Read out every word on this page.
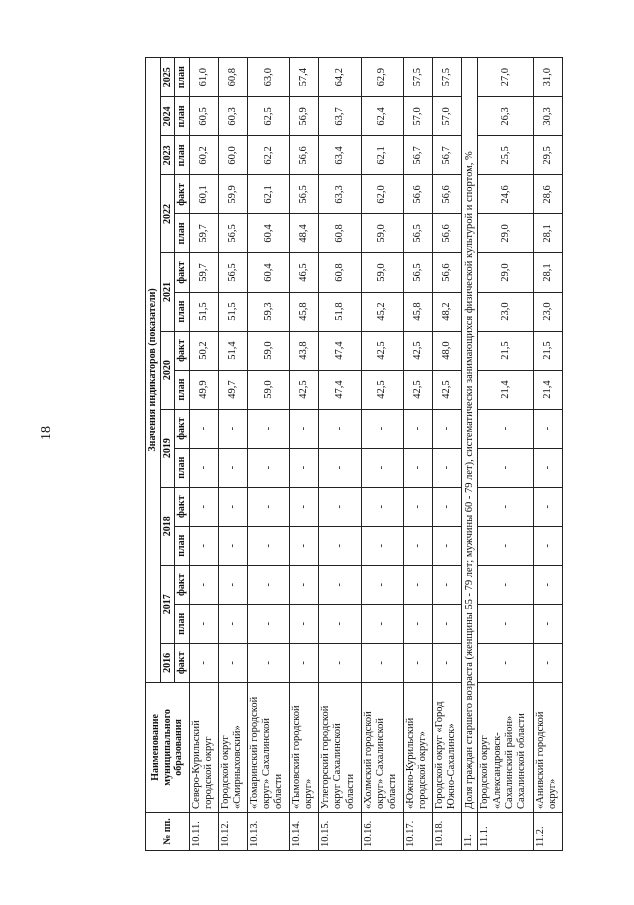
18
№ пп.	Наименование муниципального образования	Значения индикаторов (показатели)															
		2016	2017		2018		2019		2020		2021		2022		2023	2024	2025
		факт	план	факт	план	факт	план	факт	план	факт	план	факт	план	факт	план	план	план
10.11.	Северо-Курильский городской округ	-	-	-	-	-	-	-	49,9	50,2	51,5	59,7	59,7	60,1	60,2	60,5	61,0
10.12.	Городской округ «Смирныховский»	-	-	-	-	-	-	-	49,7	51,4	51,5	56,5	56,5	59,9	60,0	60,3	60,8
10.13.	«Томаринский городской округ» Сахалинской области	-	-	-	-	-	-	-	59,0	59,0	59,3	60,4	60,4	62,1	62,2	62,5	63,0
10.14.	«Тымовский городской округ»	-	-	-	-	-	-	-	42,5	43,8	45,8	46,5	48,4	56,5	56,6	56,9	57,4
10.15.	Углегорский городской округ Сахалинской области	-	-	-	-	-	-	-	47,4	47,4	51,8	60,8	60,8	63,3	63,4	63,7	64,2
10.16.	«Холмский городской округ» Сахалинской области	-	-	-	-	-	-	-	42,5	42,5	45,2	59,0	59,0	62,0	62,1	62,4	62,9
10.17.	«Южно-Курильский городской округ»	-	-	-	-	-	-	-	42,5	42,5	45,8	56,5	56,5	56,6	56,7	57,0	57,5
10.18.	Городской округ «Город Южно-Сахалинск»	-	-	-	-	-	-	-	42,5	48,0	48,2	56,6	56,6	56,6	56,7	57,0	57,5
11.	Доля граждан старшего возраста (женщины 55 - 79 лет; мужчины 60 - 79 лет), систематически занимающихся физической культурой и спортом, %																
11.1.	Городской округ «Александровск-Сахалинский район» Сахалинской области	-	-	-	-	-	-	-	21,4	21,5	23,0	29,0	29,0	24,6	25,5	26,3	27,0
11.2.	«Анивский городской округ»	-	-	-	-	-	-	-	21,4	21,5	23,0	28,1	28,1	28,6	29,5	30,3	31,0
